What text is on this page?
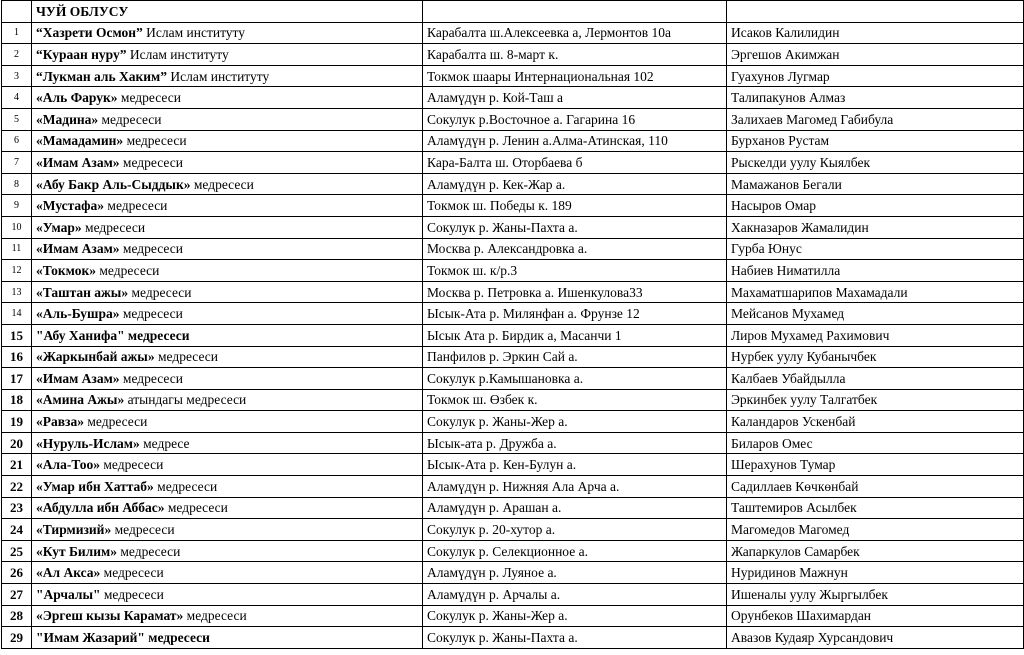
	ЧУЙ ОБЛУСУ		
1	“Хазрети Осмон” Ислам институту	Карабалта ш.Алексеевка а, Лермонтов 10а	Исаков Калилидин
2	“Кураан нуру” Ислам институту	Карабалта ш. 8-март к.	Эргешов Акимжан
3	“Лукман аль Хаким” Ислам институту	Токмок шаары Интернациональная 102	Гуахунов Лугмар
4	«Аль Фарук» медресеси	Аламүдүн р. Кой-Таш а	Талипакунов Алмаз
5	«Мадина» медресеси	Сокулук р.Восточное а. Гагарина 16	Залихаев Магомед Габибула
6	«Мамадамин» медресеси	Аламүдүн р. Ленин а.Алма-Атинская, 110	Бурханов Рустам
7	«Имам Азам» медресеси	Кара-Балта ш. Оторбаева б	Рыскелди уулу Кыялбек
8	«Абу Бакр Аль-Сыддык» медресеси	Аламүдүн р. Кек-Жар а.	Мамажанов Бегали
9	«Мустафа» медресеси	Токмок ш. Победы к. 189	Насыров Омар
10	«Умар» медресеси	Сокулук р. Жаны-Пахта а.	Хакназаров Жамалидин
11	«Имам Азам» медресеси	Москва р. Александровка а.	Гурба Юнус
12	«Токмок» медресеси	Токмок ш. к/р.3	Набиев Ниматилла
13	«Таштан ажы» медресеси	Москва р. Петровка а. Ишенкулова33	Махаматшарипов Махамадали
14	«Аль-Бушра» медресеси	Ысык-Ата р. Милянфан а. Фрунзе 12	Мейсанов Мухамед
15	"Абу Ханифа" медресеси	Ысык Ата р. Бирдик а, Масанчи 1	Лиров Мухамед Рахимович
16	«Жаркынбай ажы» медресеси	Панфилов р. Эркин Сай а.	Нурбек уулу Кубанычбек
17	«Имам Азам» медресеси	Сокулук р.Камышановка а.	Калбаев Убайдылла
18	«Амина Ажы» атындагы медресеси	Токмок ш. Өзбек к.	Эркинбек уулу Талгатбек
19	«Равза» медресеси	Сокулук р. Жаны-Жер а.	Каландаров Ускенбай
20	«Нуруль-Ислам» медресе	Ысык-ата р. Дружба а.	Биларов Омес
21	«Ала-Тоо» медресеси	Ысык-Ата р. Кен-Булун а.	Шерахунов Тумар
22	«Умар ибн Хаттаб» медресеси	Аламүдүн р. Нижняя Ала Арча а.	Садиллаев Көчкөнбай
23	«Абдулла ибн Аббас» медресеси	Аламүдүн р. Арашан а.	Таштемиров Асылбек
24	«Тирмизий» медресеси	Сокулук р. 20-хутор а.	Магомедов Магомед
25	«Кут Билим» медресеси	Сокулук р. Селекционное а.	Жапаркулов Самарбек
26	«Ал Акса» медресеси	Аламүдүн р. Луяное а.	Нуридинов Мажнун
27	"Арчалы" медресеси	Аламүдүн р. Арчалы а.	Ишеналы уулу Жыргылбек
28	«Эргеш кызы Карамат» медресеси	Сокулук р. Жаны-Жер а.	Орунбеков Шахимардан
29	"Имам Жазарий" медресеси	Сокулук р. Жаны-Пахта а.	Авазов Кудаяр Хурсандович
